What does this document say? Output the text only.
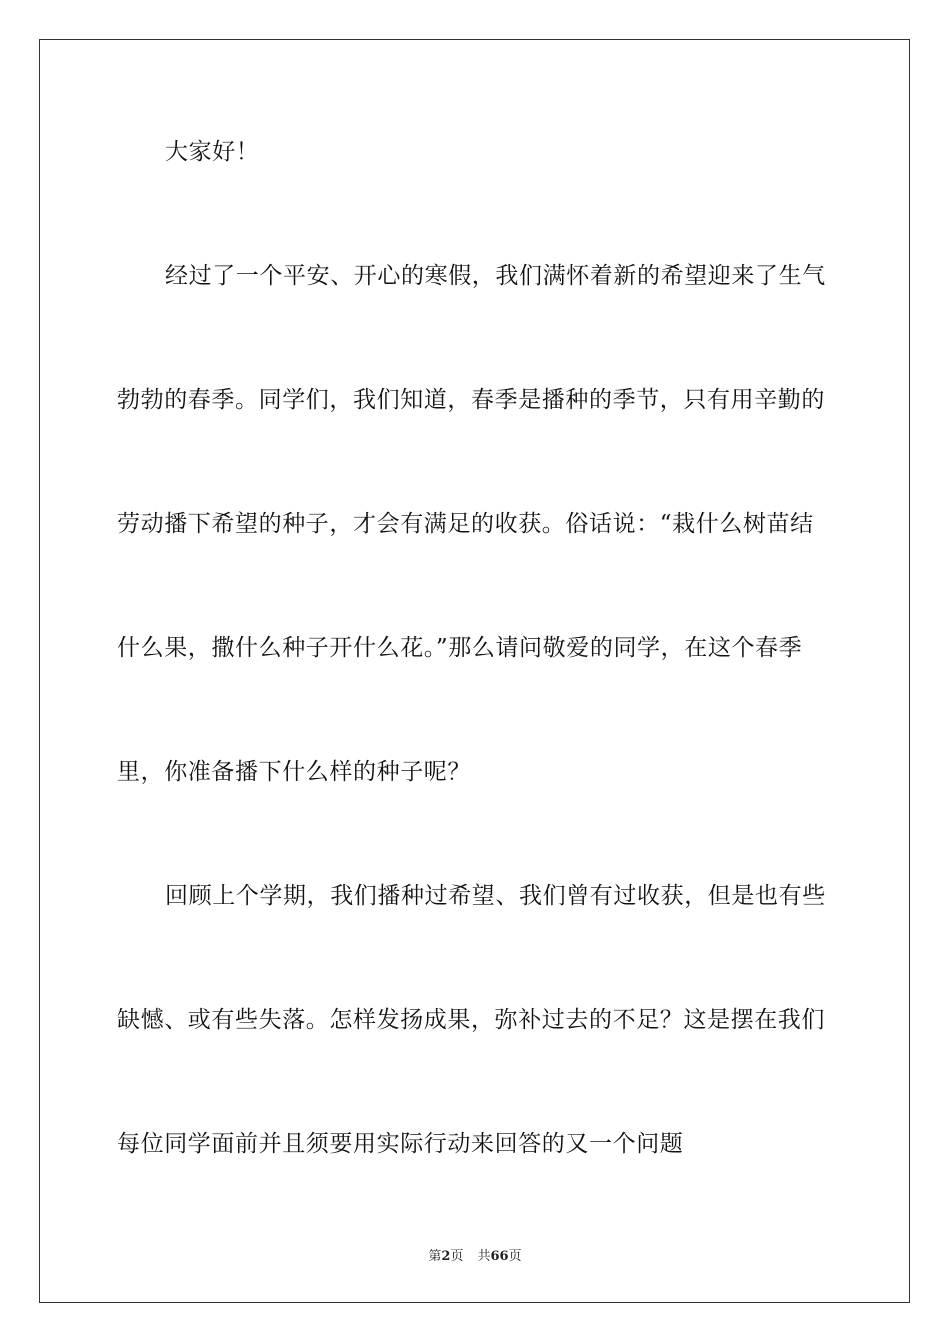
大家好！
经过了一个平安、开心的寒假，我们满怀着新的希望迎来了生气
勃勃的春季。同学们，我们知道，春季是播种的季节，只有用辛勤的
劳动播下希望的种子，才会有满足的收获。俗话说：“栽什么树苗结
什么果，撒什么种子开什么花。”那么请问敬爱的同学，在这个春季
里，你准备播下什么样的种子呢？
回顾上个学期，我们播种过希望、我们曾有过收获，但是也有些
缺憾、或有些失落。怎样发扬成果，弥补过去的不足？这是摆在我们
每位同学面前并且须要用实际行动来回答的又一个问题
第2页 共66页
